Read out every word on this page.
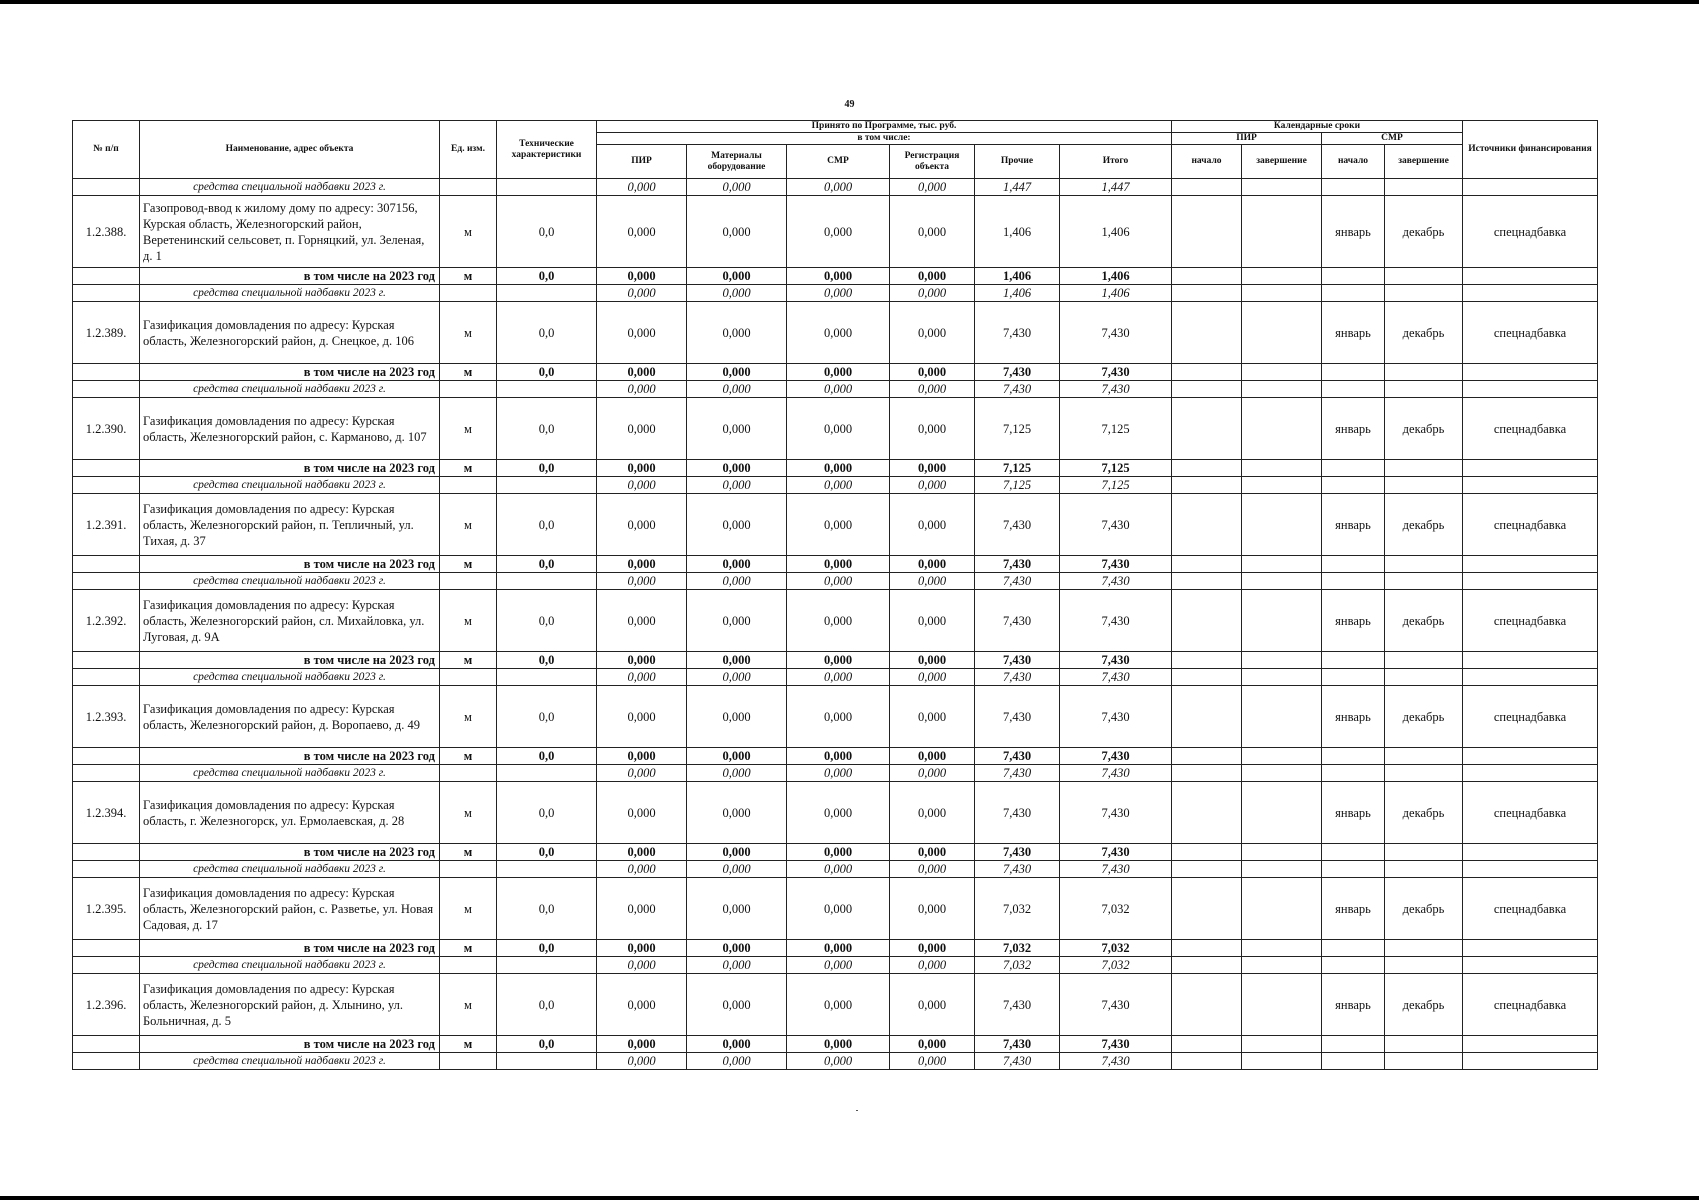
49
№ п/п	Наименование, адрес объекта	Ед. изм.	Технические характеристики	Принято по Программе, тыс. руб.						Календарные сроки				Источники финансирования
				в том числе:						ПИР		СМР		
				ПИР	Материалы оборудование	СМР	Регистрация объекта	Прочие	Итого	начало	завершение	начало	завершение	
	средства специальной надбавки 2023 г.			0,000	0,000	0,000	0,000	1,447	1,447					
1.2.388.	Газопровод-ввод к жилому дому по адресу: 307156, Курская область, Железногорский район, Веретенинский сельсовет, п. Горняцкий, ул. Зеленая, д. 1	м	0,0	0,000	0,000	0,000	0,000	1,406	1,406			январь	декабрь	спецнадбавка
	в том числе на 2023 год	м	0,0	0,000	0,000	0,000	0,000	1,406	1,406					
	средства специальной надбавки 2023 г.			0,000	0,000	0,000	0,000	1,406	1,406					
1.2.389.	Газификация домовладения по адресу: Курская область, Железногорский район, д. Снецкое, д. 106	м	0,0	0,000	0,000	0,000	0,000	7,430	7,430			январь	декабрь	спецнадбавка
	в том числе на 2023 год	м	0,0	0,000	0,000	0,000	0,000	7,430	7,430					
	средства специальной надбавки 2023 г.			0,000	0,000	0,000	0,000	7,430	7,430					
1.2.390.	Газификация домовладения по адресу: Курская область, Железногорский район, с. Карманово, д. 107	м	0,0	0,000	0,000	0,000	0,000	7,125	7,125			январь	декабрь	спецнадбавка
	в том числе на 2023 год	м	0,0	0,000	0,000	0,000	0,000	7,125	7,125					
	средства специальной надбавки 2023 г.			0,000	0,000	0,000	0,000	7,125	7,125					
1.2.391.	Газификация домовладения по адресу: Курская область, Железногорский район, п. Тепличный, ул. Тихая, д. 37	м	0,0	0,000	0,000	0,000	0,000	7,430	7,430			январь	декабрь	спецнадбавка
	в том числе на 2023 год	м	0,0	0,000	0,000	0,000	0,000	7,430	7,430					
	средства специальной надбавки 2023 г.			0,000	0,000	0,000	0,000	7,430	7,430					
1.2.392.	Газификация домовладения по адресу: Курская область, Железногорский район, сл. Михайловка, ул. Луговая, д. 9А	м	0,0	0,000	0,000	0,000	0,000	7,430	7,430			январь	декабрь	спецнадбавка
	в том числе на 2023 год	м	0,0	0,000	0,000	0,000	0,000	7,430	7,430					
	средства специальной надбавки 2023 г.			0,000	0,000	0,000	0,000	7,430	7,430					
1.2.393.	Газификация домовладения по адресу: Курская область, Железногорский район, д. Воропаево, д. 49	м	0,0	0,000	0,000	0,000	0,000	7,430	7,430			январь	декабрь	спецнадбавка
	в том числе на 2023 год	м	0,0	0,000	0,000	0,000	0,000	7,430	7,430					
	средства специальной надбавки 2023 г.			0,000	0,000	0,000	0,000	7,430	7,430					
1.2.394.	Газификация домовладения по адресу: Курская область, г. Железногорск, ул. Ермолаевская, д. 28	м	0,0	0,000	0,000	0,000	0,000	7,430	7,430			январь	декабрь	спецнадбавка
	в том числе на 2023 год	м	0,0	0,000	0,000	0,000	0,000	7,430	7,430					
	средства специальной надбавки 2023 г.			0,000	0,000	0,000	0,000	7,430	7,430					
1.2.395.	Газификация домовладения по адресу: Курская область, Железногорский район, с. Разветье, ул. Новая Садовая, д. 17	м	0,0	0,000	0,000	0,000	0,000	7,032	7,032			январь	декабрь	спецнадбавка
	в том числе на 2023 год	м	0,0	0,000	0,000	0,000	0,000	7,032	7,032					
	средства специальной надбавки 2023 г.			0,000	0,000	0,000	0,000	7,032	7,032					
1.2.396.	Газификация домовладения по адресу: Курская область, Железногорский район, д. Хлынино, ул. Больничная, д. 5	м	0,0	0,000	0,000	0,000	0,000	7,430	7,430			январь	декабрь	спецнадбавка
	в том числе на 2023 год	м	0,0	0,000	0,000	0,000	0,000	7,430	7,430					
	средства специальной надбавки 2023 г.			0,000	0,000	0,000	0,000	7,430	7,430					
